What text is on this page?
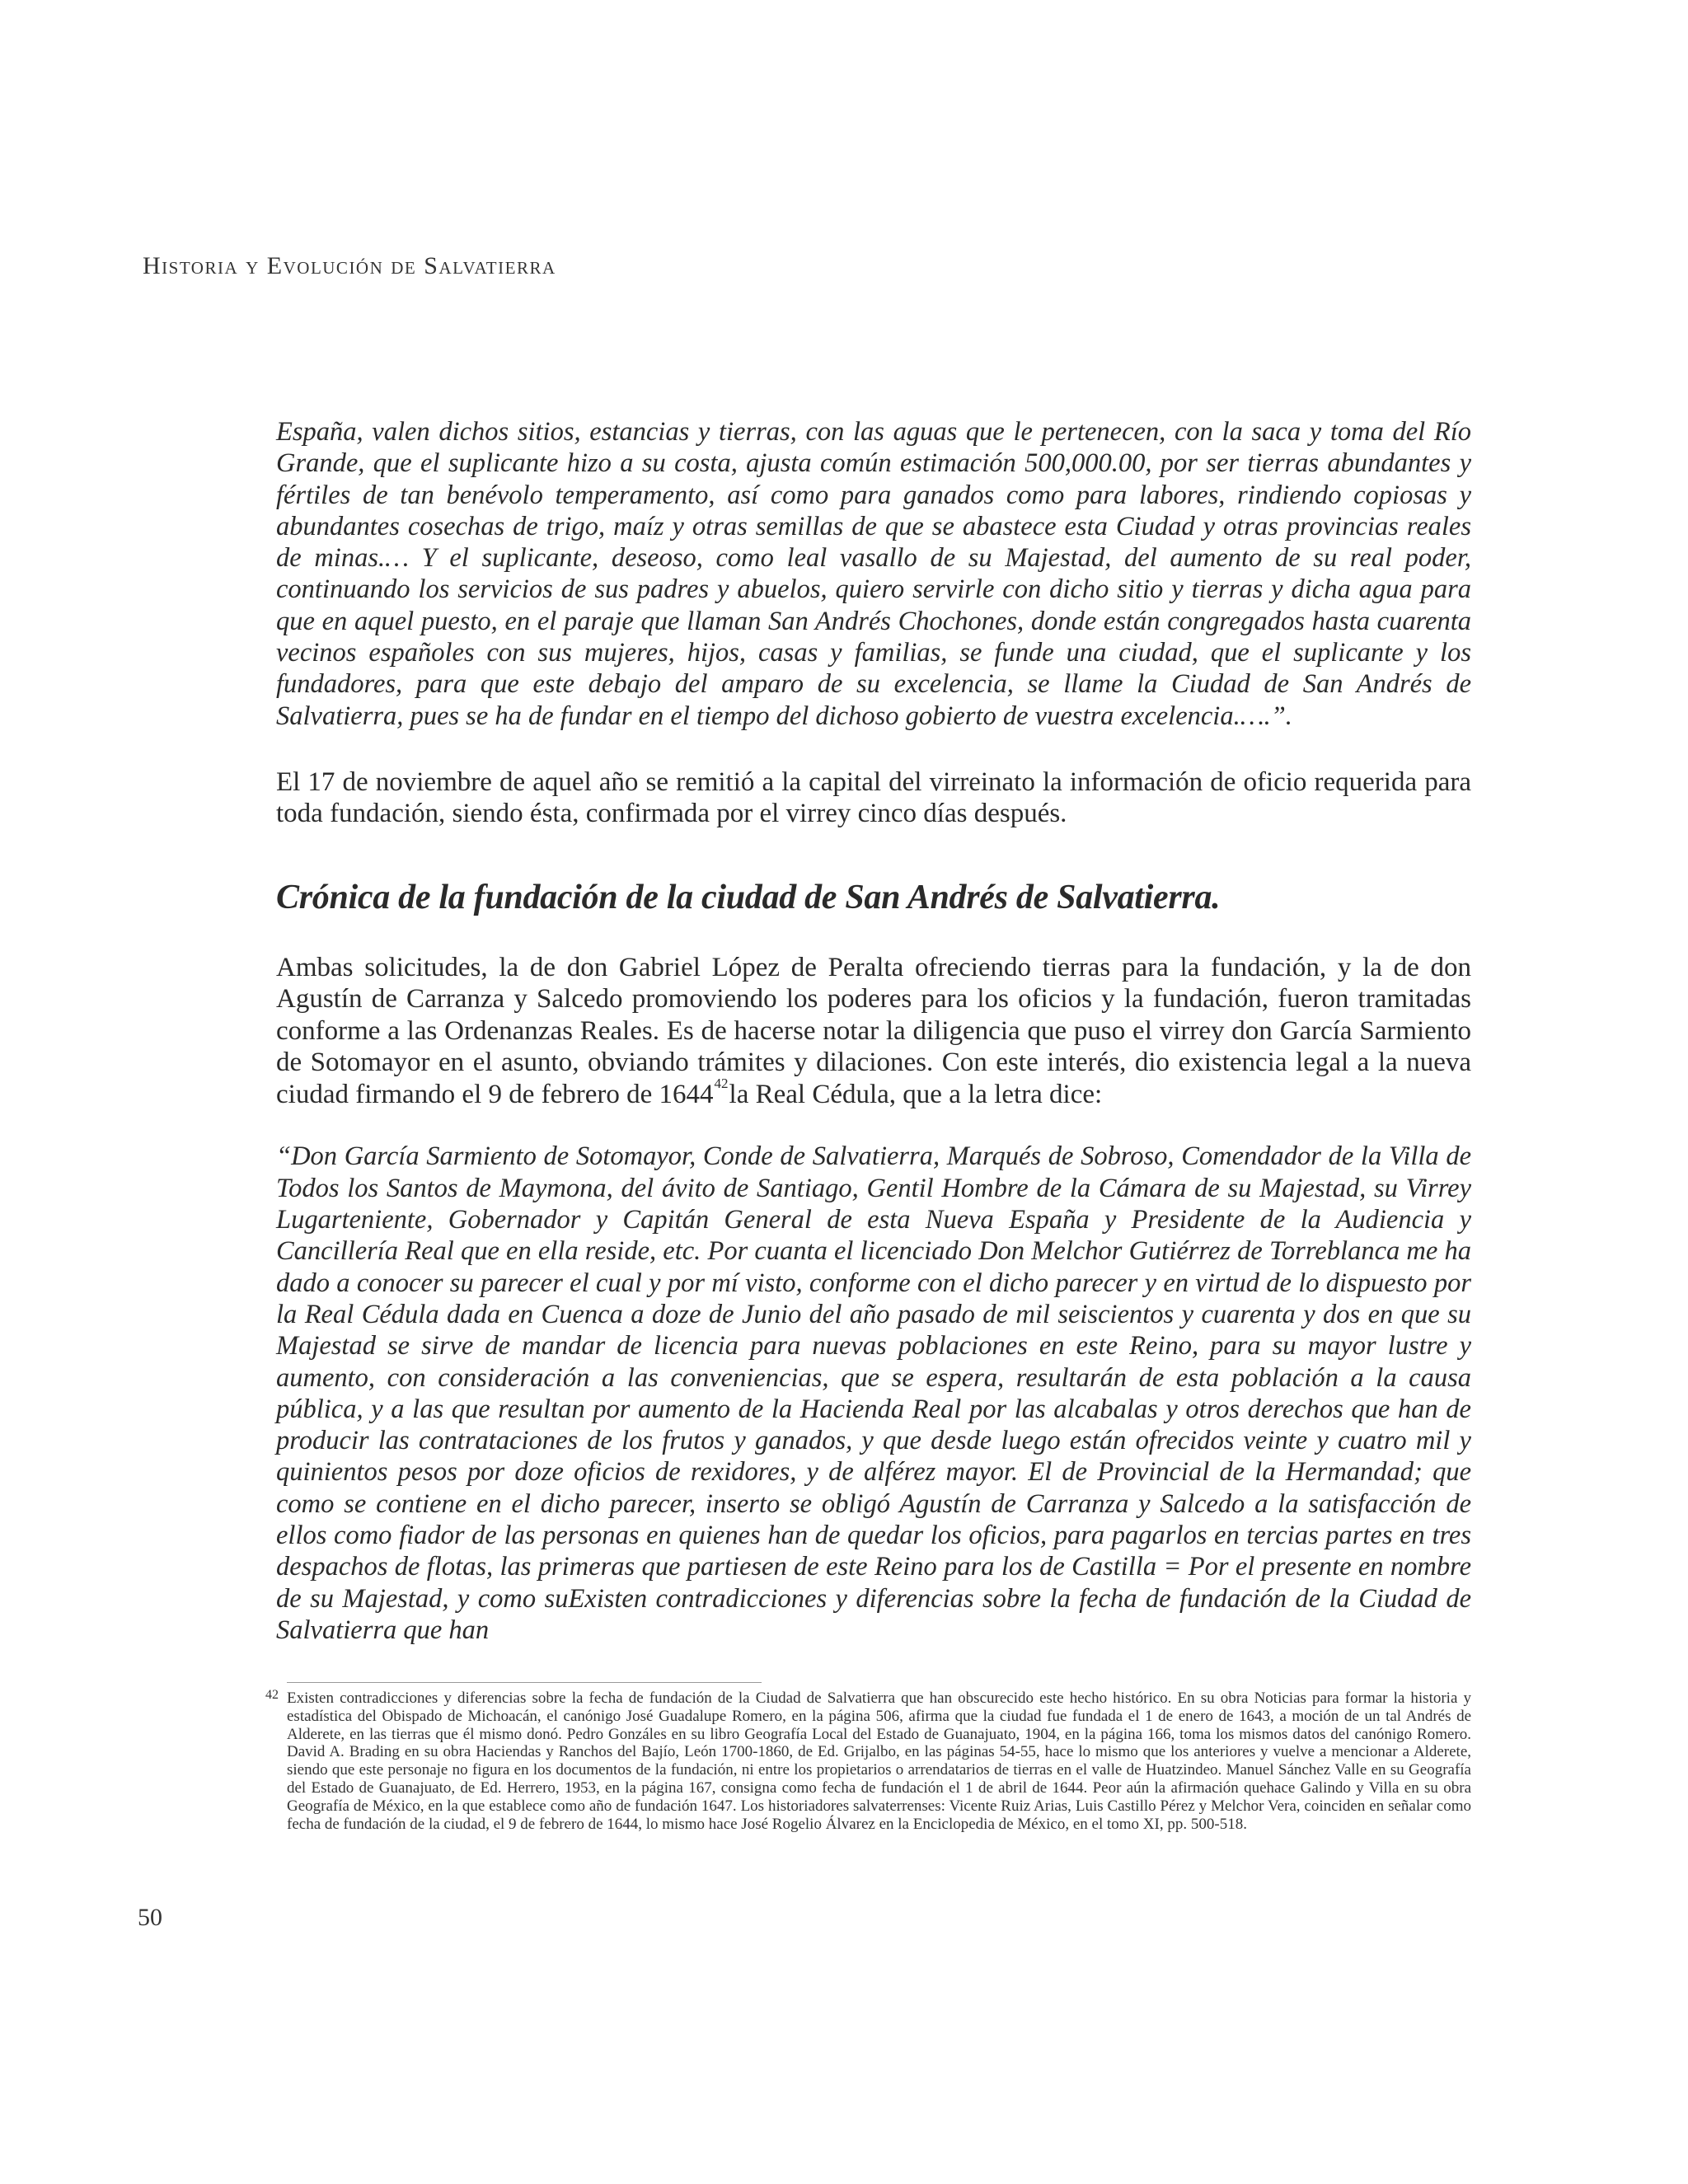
Historia y Evolución de Salvatierra

España, valen dichos sitios, estancias y tierras, con las aguas que le pertenecen, con la saca y toma del Río Grande, que el suplicante hizo a su costa, ajusta común estimación 500,000.00, por ser tierras abundantes y fértiles de tan benévolo temperamento, así como para ganados como para labores, rindiendo copiosas y abundantes cosechas de trigo, maíz y otras semillas de que se abastece esta Ciudad y otras provincias reales de minas.… Y el suplicante, deseoso, como leal vasallo de su Majestad, del aumento de su real poder, continuando los servicios de sus padres y abuelos, quiero servirle con dicho sitio y tierras y dicha agua para que en aquel puesto, en el paraje que llaman San Andrés Chochones, donde están congregados hasta cuarenta vecinos españoles con sus mujeres, hijos, casas y familias, se funde una ciudad, que el suplicante y los fundadores, para que este debajo del amparo de su excelencia, se llame la Ciudad de San Andrés de Salvatierra, pues se ha de fundar en el tiempo del dichoso gobierto de vuestra excelencia.….”.

El 17 de noviembre de aquel año se remitió a la capital del virreinato la información de oficio requerida para toda fundación, siendo ésta, confirmada por el virrey cinco días después.

Crónica de la fundación de la ciudad de San Andrés de Salvatierra.

Ambas solicitudes, la de don Gabriel López de Peralta ofreciendo tierras para la fundación, y la de don Agustín de Carranza y Salcedo promoviendo los poderes para los oficios y la fundación, fueron tramitadas conforme a las Ordenanzas Reales. Es de hacerse notar la diligencia que puso el virrey don García Sarmiento de Sotomayor en el asunto, obviando trámites y dilaciones. Con este interés, dio existencia legal a la nueva ciudad firmando el 9 de febrero de 1644$^{42}$la Real Cédula, que a la letra dice:

“Don García Sarmiento de Sotomayor, Conde de Salvatierra, Marqués de Sobroso, Comendador de la Villa de Todos los Santos de Maymona, del ávito de Santiago, Gentil Hombre de la Cámara de su Majestad, su Virrey Lugarteniente, Gobernador y Capitán General de esta Nueva España y Presidente de la Audiencia y Cancillería Real que en ella reside, etc. Por cuanta el licenciado Don Melchor Gutiérrez de Torreblanca me ha dado a conocer su parecer el cual y por mí visto, conforme con el dicho parecer y en virtud de lo dispuesto por la Real Cédula dada en Cuenca a doze de Junio del año pasado de mil seiscientos y cuarenta y dos en que su Majestad se sirve de mandar de licencia para nuevas poblaciones en este Reino, para su mayor lustre y aumento, con consideración a las conveniencias, que se espera, resultarán de esta población a la causa pública, y a las que resultan por aumento de la Hacienda Real por las alcabalas y otros derechos que han de producir las contrataciones de los frutos y ganados, y que desde luego están ofrecidos veinte y cuatro mil y quinientos pesos por doze oficios de rexidores, y de alférez mayor. El de Provincial de la Hermandad; que como se contiene en el dicho parecer, inserto se obligó Agustín de Carranza y Salcedo a la satisfacción de ellos como fiador de las personas en quienes han de quedar los oficios, para pagarlos en tercias partes en tres despachos de flotas, las primeras que partiesen de este Reino para los de Castilla = Por el presente en nombre de su Majestad, y como suExisten contradicciones y diferencias sobre la fecha de fundación de la Ciudad de Salvatierra que han

42 Existen contradicciones y diferencias sobre la fecha de fundación de la Ciudad de Salvatierra que han obscurecido este hecho histórico. En su obra Noticias para formar la historia y estadística del Obispado de Michoacán, el canónigo José Guadalupe Romero, en la página 506, afirma que la ciudad fue fundada el 1 de enero de 1643, a moción de un tal Andrés de Alderete, en las tierras que él mismo donó. Pedro Gonzáles en su libro Geografía Local del Estado de Guanajuato, 1904, en la página 166, toma los mismos datos del canónigo Romero. David A. Brading en su obra Haciendas y Ranchos del Bajío, León 1700-1860, de Ed. Grijalbo, en las páginas 54-55, hace lo mismo que los anteriores y vuelve a mencionar a Alderete, siendo que este personaje no figura en los documentos de la fundación, ni entre los propietarios o arrendatarios de tierras en el valle de Huatzindeo. Manuel Sánchez Valle en su Geografía del Estado de Guanajuato, de Ed. Herrero, 1953, en la página 167, consigna como fecha de fundación el 1 de abril de 1644. Peor aún la afirmación quehace Galindo y Villa en su obra Geografía de México, en la que establece como año de fundación 1647. Los historiadores salvaterrenses: Vicente Ruiz Arias, Luis Castillo Pérez y Melchor Vera, coinciden en señalar como fecha de fundación de la ciudad, el 9 de febrero de 1644, lo mismo hace José Rogelio Álvarez en la Enciclopedia de México, en el tomo XI, pp. 500-518.
50
